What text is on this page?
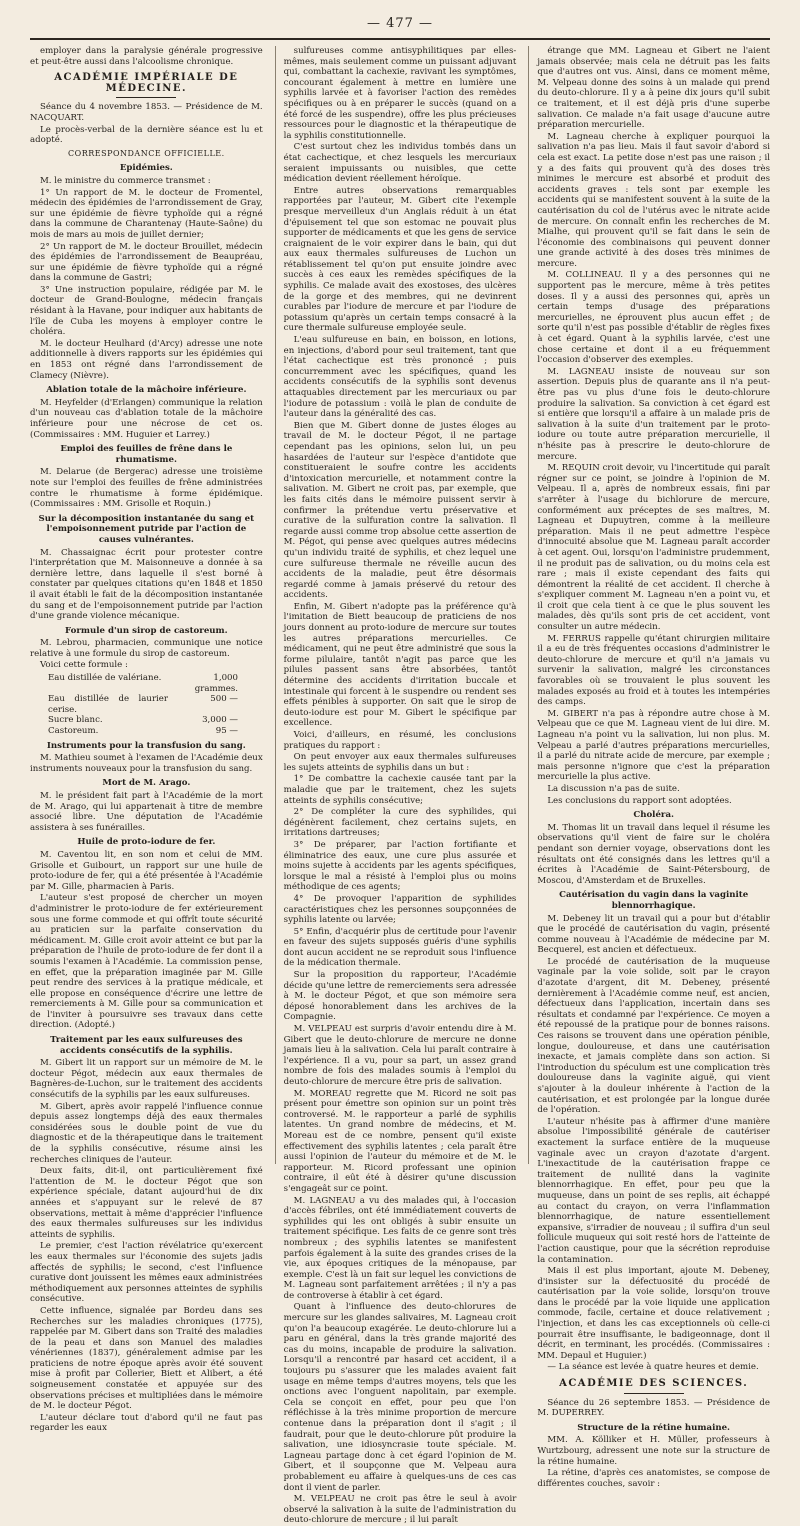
— 477 —

employer dans la paralysie générale progressive et peut-être aussi dans l'alcoolisme chronique.

ACADÉMIE IMPÉRIALE DE MÉDECINE.

Séance du 4 novembre 1853. — Présidence de M. NACQUART.

Le procès-verbal de la dernière séance est lu et adopté.

CORRESPONDANCE OFFICIELLE.
Epidémies.

M. le ministre du commerce transmet :

1° Un rapport de M. le docteur de Fromentel, médecin des épidémies de l'arrondissement de Gray, sur une épidémie de fièvre typhoïde qui a régné dans la commune de Charantenay (Haute-Saône) du mois de mars au mois de juillet dernier;

2° Un rapport de M. le docteur Brouillet, médecin des épidémies de l'arrondissement de Beaupréau, sur une épidémie de fièvre typhoïde qui a régné dans la commune de Gastri;

3° Une instruction populaire, rédigée par M. le docteur de Grand-Boulogne, médecin français résidant à la Havane, pour indiquer aux habitants de l'île de Cuba les moyens à employer contre le choléra.

M. le docteur Heulhard (d'Arcy) adresse une note additionnelle à divers rapports sur les épidémies qui en 1853 ont régné dans l'arrondissement de Clamecy (Nièvre).

Ablation totale de la mâchoire inférieure.

M. Heyfelder (d'Erlangen) communique la relation d'un nouveau cas d'ablation totale de la mâchoire inférieure pour une nécrose de cet os. (Commissaires : MM. Huguier et Larrey.)

Emploi des feuilles de frêne dans le rhumatisme.

M. Delarue (de Bergerac) adresse une troisième note sur l'emploi des feuilles de frêne administrées contre le rhumatisme à forme épidémique. (Commissaires : MM. Grisolle et Roquin.)

Sur la décomposition instantanée du sang et l'empoisonnement putride par l'action de causes vulnérantes.

M. Chassaignac écrit pour protester contre l'interprétation que M. Maisonneuve a donnée à sa dernière lettre, dans laquelle il s'est borné à constater par quelques citations qu'en 1848 et 1850 il avait établi le fait de la décomposition instantanée du sang et de l'empoisonnement putride par l'action d'une grande violence mécanique.

Formule d'un sirop de castoreum.

M. Lebrou, pharmacien, communique une notice relative à une formule du sirop de castoreum.

Voici cette formule :

Eau distillée de valériane.	1,000 grammes.
Eau distillée de laurier cerise.
500 —
Sucre blanc.	3,000 —
Castoreum.	95 —
Instruments pour la transfusion du sang.

M. Mathieu soumet à l'examen de l'Académie deux instruments nouveaux pour la transfusion du sang.

Mort de M. Arago.

M. le président fait part à l'Académie de la mort de M. Arago, qui lui appartenait à titre de membre associé libre. Une députation de l'Académie assistera à ses funérailles.

Huile de proto-iodure de fer.

M. Caventou lit, en son nom et celui de MM. Grisolle et Guibourt, un rapport sur une huile de proto-iodure de fer, qui a été présentée à l'Académie par M. Gille, pharmacien à Paris.

L'auteur s'est proposé de chercher un moyen d'administrer le proto-iodure de fer extérieurement sous une forme commode et qui offrît toute sécurité au praticien sur la parfaite conservation du médicament. M. Gille croit avoir atteint ce but par la préparation de l'huile de proto-iodure de fer dont il a soumis l'examen à l'Académie. La commission pense, en effet, que la préparation imaginée par M. Gille peut rendre des services à la pratique médicale, et elle propose en conséquence d'écrire une lettre de remerciements à M. Gille pour sa communication et de l'inviter à poursuivre ses travaux dans cette direction. (Adopté.)

Traitement par les eaux sulfureuses des accidents consécutifs de la syphilis.

M. Gibert lit un rapport sur un mémoire de M. le docteur Pégot, médecin aux eaux thermales de Bagnères-de-Luchon, sur le traitement des accidents consécutifs de la syphilis par les eaux sulfureuses.

M. Gibert, après avoir rappelé l'influence connue depuis assez longtemps déjà des eaux thermales considérées sous le double point de vue du diagnostic et de la thérapeutique dans le traitement de la syphilis consécutive, résume ainsi les recherches cliniques de l'auteur.

Deux faits, dit-il, ont particulièrement fixé l'attention de M. le docteur Pégot que son expérience spéciale, datant aujourd'hui de dix années et s'appuyant sur le relevé de 87 observations, mettait à même d'apprécier l'influence des eaux thermales sulfureuses sur les individus atteints de syphilis.

Le premier, c'est l'action révélatrice qu'exercent les eaux thermales sur l'économie des sujets jadis affectés de syphilis; le second, c'est l'influence curative dont jouissent les mêmes eaux administrées méthodiquement aux personnes atteintes de syphilis consécutive.

Cette influence, signalée par Bordeu dans ses Recherches sur les maladies chroniques (1775), rappelée par M. Gibert dans son Traité des maladies de la peau et dans son Manuel des maladies vénériennes (1837), généralement admise par les praticiens de notre époque après avoir été souvent mise à profit par Collerier, Biett et Alibert, a été soigneusement constatée et appuyée sur des observations précises et multipliées dans le mémoire de M. le docteur Pégot.

L'auteur déclare tout d'abord qu'il ne faut pas regarder les eaux

sulfureuses comme antisyphilitiques par elles-mêmes, mais seulement comme un puissant adjuvant qui, combattant la cachexie, ravivant les symptômes, concourant également à mettre en lumière une syphilis larvée et à favoriser l'action des remèdes spécifiques ou à en préparer le succès (quand on a été forcé de les suspendre), offre les plus précieuses ressources pour le diagnostic et la thérapeutique de la syphilis constitutionnelle.

C'est surtout chez les individus tombés dans un état cachectique, et chez lesquels les mercuriaux seraient impuissants ou nuisibles, que cette médication devient réellement héroïque.

Entre autres observations remarquables rapportées par l'auteur, M. Gibert cite l'exemple presque merveilleux d'un Anglais réduit à un état d'épuisement tel que son estomac ne pouvait plus supporter de médicaments et que les gens de service craignaient de le voir expirer dans le bain, qui dut aux eaux thermales sulfureuses de Luchon un rétablissement tel qu'on put ensuite joindre avec succès à ces eaux les remèdes spécifiques de la syphilis. Ce malade avait des exostoses, des ulcères de la gorge et des membres, qui ne devinrent curables par l'iodure de mercure et par l'iodure de potassium qu'après un certain temps consacré à la cure thermale sulfureuse employée seule.

L'eau sulfureuse en bain, en boisson, en lotions, en injections, d'abord pour seul traitement, tant que l'état cachectique est très prononcé ; puis concurremment avec les spécifiques, quand les accidents consécutifs de la syphilis sont devenus attaquables directement par les mercuriaux ou par l'iodure de potassium : voilà le plan de conduite de l'auteur dans la généralité des cas.

Bien que M. Gibert donne de justes éloges au travail de M. le docteur Pégot, il ne partage cependant pas les opinions, selon lui, un peu hasardées de l'auteur sur l'espèce d'antidote que constitueraient le soufre contre les accidents d'intoxication mercurielle, et notamment contre la salivation. M. Gibert ne croit pas, par exemple, que les faits cités dans le mémoire puissent servir à confirmer la prétendue vertu préservative et curative de la sulfuration contre la salivation. Il regarde aussi comme trop absolue cette assertion de M. Pégot, qui pense avec quelques autres médecins qu'un individu traité de syphilis, et chez lequel une cure sulfureuse thermale ne réveille aucun des accidents de la maladie, peut être désormais regardé comme à jamais préservé du retour des accidents.

Enfin, M. Gibert n'adopte pas la préférence qu'à l'imitation de Biett beaucoup de praticiens de nos jours donnent au proto-iodure de mercure sur toutes les autres préparations mercurielles. Ce médicament, qui ne peut être administré que sous la forme pilulaire, tantôt n'agit pas parce que les pilules passent sans être absorbées, tantôt détermine des accidents d'irritation buccale et intestinale qui forcent à le suspendre ou rendent ses effets pénibles à supporter. On sait que le sirop de deuto-iodure est pour M. Gibert le spécifique par excellence.

Voici, d'ailleurs, en résumé, les conclusions pratiques du rapport :

On peut envoyer aux eaux thermales sulfureuses les sujets atteints de syphilis dans un but :

1° De combattre la cachexie causée tant par la maladie que par le traitement, chez les sujets atteints de syphilis consécutive;

2° De compléter la cure des syphilides, qui dégénèrent facilement, chez certains sujets, en irritations dartreuses;

3° De préparer, par l'action fortifiante et éliminatrice des eaux, une cure plus assurée et moins sujette à accidents par les agents spécifiques, lorsque le mal a résisté à l'emploi plus ou moins méthodique de ces agents;

4° De provoquer l'apparition de syphilides caractéristiques chez les personnes soupçonnées de syphilis latente ou larvée;

5° Enfin, d'acquérir plus de certitude pour l'avenir en faveur des sujets supposés guéris d'une syphilis dont aucun accident ne se reproduit sous l'influence de la médication thermale.

Sur la proposition du rapporteur, l'Académie décide qu'une lettre de remerciements sera adressée à M. le docteur Pégot, et que son mémoire sera déposé honorablement dans les archives de la Compagnie.

M. VELPEAU est surpris d'avoir entendu dire à M. Gibert que le deuto-chlorure de mercure ne donne jamais lieu à la salivation. Cela lui paraît contraire à l'expérience. Il a vu, pour sa part, un assez grand nombre de fois des malades soumis à l'emploi du deuto-chlorure de mercure être pris de salivation.

M. MOREAU regrette que M. Ricord ne soit pas présent pour émettre son opinion sur un point très controversé. M. le rapporteur a parlé de syphilis latentes. Un grand nombre de médecins, et M. Moreau est de ce nombre, pensent qu'il existe effectivement des syphilis latentes ; cela paraît être aussi l'opinion de l'auteur du mémoire et de M. le rapporteur. M. Ricord professant une opinion contraire, il eût été à désirer qu'une discussion s'engageât sur ce point.

M. LAGNEAU a vu des malades qui, à l'occasion d'accès fébriles, ont été immédiatement couverts de syphilides qui les ont obligés à subir ensuite un traitement spécifique. Les faits de ce genre sont très nombreux ; des syphilis latentes se manifestent parfois également à la suite des grandes crises de la vie, aux époques critiques de la ménopause, par exemple. C'est là un fait sur lequel les convictions de M. Lagneau sont parfaitement arrêtées ; il n'y a pas de controverse à établir à cet égard.

Quant à l'influence des deuto-chlorures de mercure sur les glandes salivaires, M. Lagneau croit qu'on l'a beaucoup exagérée. Le deuto-chlorure lui a paru en général, dans la très grande majorité des cas du moins, incapable de produire la salivation. Lorsqu'il a rencontré par hasard cet accident, il a toujours pu s'assurer que les malades avaient fait usage en même temps d'autres moyens, tels que les onctions avec l'onguent napolitain, par exemple. Cela se conçoit en effet, pour peu que l'on réfléchisse à la très minime proportion de mercure contenue dans la préparation dont il s'agit ; il faudrait, pour que le deuto-chlorure pût produire la salivation, une idiosyncrasie toute spéciale. M. Lagneau partage donc à cet égard l'opinion de M. Gibert, et il soupçonne que M. Velpeau aura probablement eu affaire à quelques-uns de ces cas dont il vient de parler.

M. VELPEAU ne croit pas être le seul à avoir observé la salivation à la suite de l'administration du deuto-chlorure de mercure ; il lui paraît

étrange que MM. Lagneau et Gibert ne l'aient jamais observée; mais cela ne détruit pas les faits que d'autres ont vus. Ainsi, dans ce moment même, M. Velpeau donne des soins à un malade qui prend du deuto-chlorure. Il y a à peine dix jours qu'il subit ce traitement, et il est déjà pris d'une superbe salivation. Ce malade n'a fait usage d'aucune autre préparation mercurielle.

M. Lagneau cherche à expliquer pourquoi la salivation n'a pas lieu. Mais il faut savoir d'abord si cela est exact. La petite dose n'est pas une raison ; il y a des faits qui prouvent qu'à des doses très minimes le mercure est absorbé et produit des accidents graves : tels sont par exemple les accidents qui se manifestent souvent à la suite de la cautérisation du col de l'utérus avec le nitrate acide de mercure. On connaît enfin les recherches de M. Mialhe, qui prouvent qu'il se fait dans le sein de l'économie des combinaisons qui peuvent donner une grande activité à des doses très minimes de mercure.

M. COLLINEAU. Il y a des personnes qui ne supportent pas le mercure, même à très petites doses. Il y a aussi des personnes qui, après un certain temps d'usage des préparations mercurielles, ne éprouvent plus aucun effet ; de sorte qu'il n'est pas possible d'établir de règles fixes à cet égard. Quant à la syphilis larvée, c'est une chose certaine et dont il a eu fréquemment l'occasion d'observer des exemples.

M. LAGNEAU insiste de nouveau sur son assertion. Depuis plus de quarante ans il n'a peut-être pas vu plus d'une fois le deuto-chlorure produire la salivation. Sa conviction à cet égard est si entière que lorsqu'il a affaire à un malade pris de salivation à la suite d'un traitement par le proto-iodure ou toute autre préparation mercurielle, il n'hésite pas à prescrire le deuto-chlorure de mercure.

M. REQUIN croit devoir, vu l'incertitude qui paraît régner sur ce point, se joindre à l'opinion de M. Velpeau. Il a, après de nombreux essais, fini par s'arrêter à l'usage du bichlorure de mercure, conformément aux préceptes de ses maîtres, M. Lagneau et Dupuytren, comme à la meilleure préparation. Mais il ne peut admettre l'espèce d'innocuité absolue que M. Lagneau paraît accorder à cet agent. Oui, lorsqu'on l'administre prudemment, il ne produit pas de salivation, ou du moins cela est rare ; mais il existe cependant des faits qui démontrent la réalité de cet accident. Il cherche à s'expliquer comment M. Lagneau n'en a point vu, et il croit que cela tient à ce que le plus souvent les malades, dès qu'ils sont pris de cet accident, vont consulter un autre médecin.

M. FERRUS rappelle qu'étant chirurgien militaire il a eu de très fréquentes occasions d'administrer le deuto-chlorure de mercure et qu'il n'a jamais vu survenir la salivation, malgré les circonstances favorables où se trouvaient le plus souvent les malades exposés au froid et à toutes les intempéries des camps.

M. GIBERT n'a pas à répondre autre chose à M. Velpeau que ce que M. Lagneau vient de lui dire. M. Lagneau n'a point vu la salivation, lui non plus. M. Velpeau a parlé d'autres préparations mercurielles, il a parlé du nitrate acide de mercure, par exemple ; mais personne n'ignore que c'est la préparation mercurielle la plus active.

La discussion n'a pas de suite.

Les conclusions du rapport sont adoptées.

Choléra.

M. Thomas lit un travail dans lequel il résume les observations qu'il vient de faire sur le choléra pendant son dernier voyage, observations dont les résultats ont été consignés dans les lettres qu'il a écrites à l'Académie de Saint-Pétersbourg, de Moscou, d'Amsterdam et de Bruxelles.

Cautérisation du vagin dans la vaginite blennorrhagique.

M. Debeney lit un travail qui a pour but d'établir que le procédé de cautérisation du vagin, présenté comme nouveau à l'Académie de médecine par M. Becquerel, est ancien et défectueux.

Le procédé de cautérisation de la muqueuse vaginale par la voie solide, soit par le crayon d'azotate d'argent, dit M. Debeney, présenté dernièrement à l'Académie comme neuf, est ancien, défectueux dans l'application, incertain dans ses résultats et condamné par l'expérience. Ce moyen a été repoussé de la pratique pour de bonnes raisons. Ces raisons se trouvent dans une opération pénible, longue, douloureuse, et dans une cautérisation inexacte, et jamais complète dans son action. Si l'introduction du spéculum est une complication très douloureuse dans la vaginite aiguë, qui vient s'ajouter à la douleur inhérente à l'action de la cautérisation, et est prolongée par la longue durée de l'opération.

L'auteur n'hésite pas à affirmer d'une manière absolue l'impossibilité générale de cautériser exactement la surface entière de la muqueuse vaginale avec un crayon d'azotate d'argent. L'inexactitude de la cautérisation frappe ce traitement de nullité dans la vaginite blennorrhagique. En effet, pour peu que la muqueuse, dans un point de ses replis, ait échappé au contact du crayon, on verra l'inflammation blennorrhagique, de nature essentiellement expansive, s'irradier de nouveau ; il suffira d'un seul follicule muqueux qui soit resté hors de l'atteinte de l'action caustique, pour que la sécrétion reproduise la contamination.

Mais il est plus important, ajoute M. Debeney, d'insister sur la défectuosité du procédé de cautérisation par la voie solide, lorsqu'on trouve dans le procédé par la voie liquide une application commode, facile, certaine et douce relativement ; l'injection, et dans les cas exceptionnels où celle-ci pourrait être insuffisante, le badigeonnage, dont il décrit, en terminant, les procédés. (Commissaires : MM. Depaul et Huguier.)

— La séance est levée à quatre heures et demie.

ACADÉMIE DES SCIENCES.

Séance du 26 septembre 1853. — Présidence de M. DUPERREY.

Structure de la rétine humaine.

MM. A. Kölliker et H. Müller, professeurs à Wurtzbourg, adressent une note sur la structure de la rétine humaine.

La rétine, d'après ces anatomistes, se compose de différentes couches, savoir :
